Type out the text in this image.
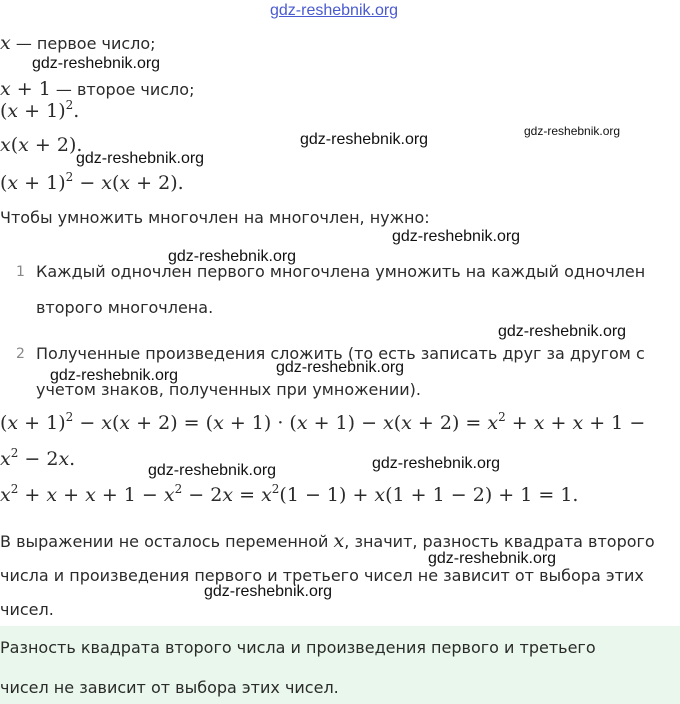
x — первое число;
x + 1 — второе число;
$(x + 1)^2$.
x(x + 2).
$(x + 1)^2 - x(x + 2)$.
Чтобы умножить многочлен на многочлен, нужно:
1 Каждый одночлен первого многочлена умножить на каждый одночлен
второго многочлена.
2 Полученные произведения сложить (то есть записать друг за другом с
учетом знаков, полученных при умножении).
$(x + 1)^2 - x(x + 2) = (x + 1) \cdot (x + 1) - x(x + 2) = x^2 + x + x + 1$ −
$x^2 - 2x$.
$x^2 + x + x + 1 - x^2 - 2x = x^2(1 - 1) + x(1 + 1 - 2) + 1 = 1$.
В выражении не осталось переменной x, значит, разность квадрата второго
числа и произведения первого и третьего чисел не зависит от выбора этих
чисел.
Разность квадрата второго числа и произведения первого и третьего
чисел не зависит от выбора этих чисел.
gdz-reshebnik.org
gdz-reshebnik.org
gdz-reshebnik.org	gdz-reshebnik.org
gdz-reshebnik.org
gdz-reshebnik.org
gdz-reshebnik.org
gdz-reshebnik.org
gdz-reshebnik.org	gdz-reshebnik.org
gdz-reshebnik.org	gdz-reshebnik.org
gdz-reshebnik.org
gdz-reshebnik.org
